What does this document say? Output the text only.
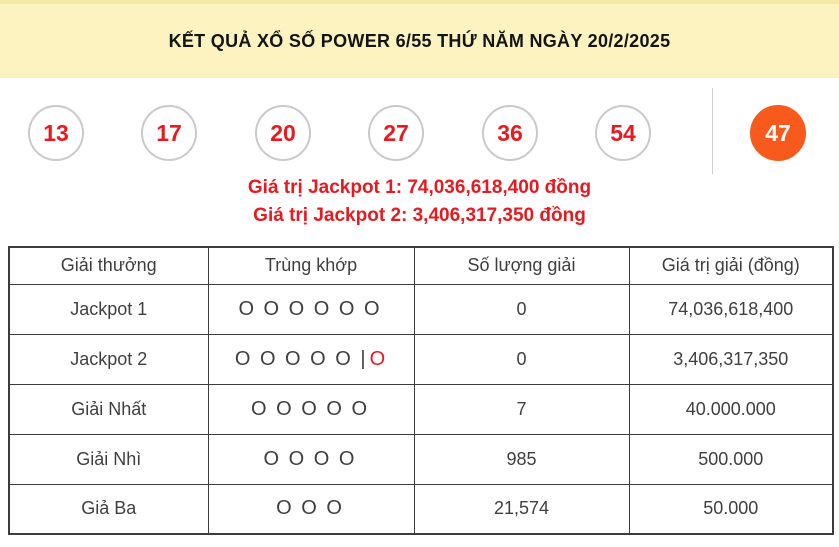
KẾT QUẢ XỔ SỐ POWER 6/55 THỨ NĂM NGÀY 20/2/2025
13	17	20	27	36	54	47
Giá trị Jackpot 1: 74,036,618,400 đồng
Giá trị Jackpot 2: 3,406,317,350 đồng
Giải thưởng	Trùng khớp	Số lượng giải	Giá trị giải (đồng)
Jackpot 1	O O O O O O	0	74,036,618,400
Jackpot 2	O O O O O | O	0	3,406,317,350
Giải Nhất	O O O O O	7	40.000.000
Giải Nhì	O O O O	985	500.000
Giả Ba	O O O	21,574	50.000
